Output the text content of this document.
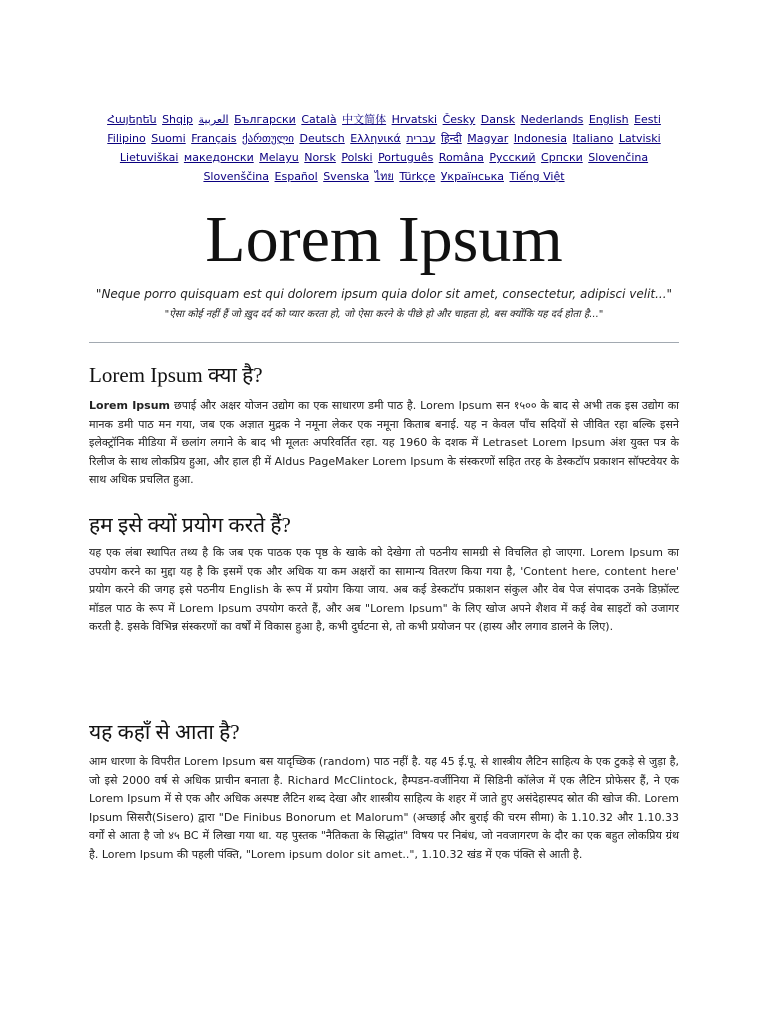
Հայերեն Shqip العربية Български Català 中文简体 Hrvatski Česky Dansk Nederlands English Eesti Filipino Suomi Français ქართული Deutsch Ελληνικά עברית हिन्दी Magyar Indonesia Italiano Latviski Lietuviškai македонски Melayu Norsk Polski Português Româna Русский Српски Slovenčina Slovenščina Español Svenska ไทย Türkçe Українська Tiếng Việt
Lorem Ipsum
"Neque porro quisquam est qui dolorem ipsum quia dolor sit amet, consectetur, adipisci velit..."
"ऐसा कोई नहीं हैं जो ख़ुद दर्द को प्यार करता हो, जो ऐसा करने के पीछे हो और चाहता हो, बस क्योंकि यह दर्द होता है..."
Lorem Ipsum क्या है?

Lorem Ipsum छपाई और अक्षर योजन उद्योग का एक साधारण डमी पाठ है. Lorem Ipsum सन १५०० के बाद से अभी तक इस उद्योग का मानक डमी पाठ मन गया, जब एक अज्ञात मुद्रक ने नमूना लेकर एक नमूना किताब बनाई. यह न केवल पाँच सदियों से जीवित रहा बल्कि इसने इलेक्ट्रॉनिक मीडिया में छलांग लगाने के बाद भी मूलतः अपरिवर्तित रहा. यह 1960 के दशक में Letraset Lorem Ipsum अंश युक्त पत्र के रिलीज के साथ लोकप्रिय हुआ, और हाल ही में Aldus PageMaker Lorem Ipsum के संस्करणों सहित तरह के डेस्कटॉप प्रकाशन सॉफ्टवेयर के साथ अधिक प्रचलित हुआ.

हम इसे क्यों प्रयोग करते हैं?

यह एक लंबा स्थापित तथ्य है कि जब एक पाठक एक पृष्ठ के खाके को देखेगा तो पठनीय सामग्री से विचलित हो जाएगा. Lorem Ipsum का उपयोग करने का मुद्दा यह है कि इसमें एक और अधिक या कम अक्षरों का सामान्य वितरण किया गया है, 'Content here, content here' प्रयोग करने की जगह इसे पठनीय English के रूप में प्रयोग किया जाय. अब कई डेस्कटॉप प्रकाशन संकुल और वेब पेज संपादक उनके डिफ़ॉल्ट मॉडल पाठ के रूप में Lorem Ipsum उपयोग करते हैं, और अब "Lorem Ipsum" के लिए खोज अपने शैशव में कई वेब साइटों को उजागर करती है. इसके विभिन्न संस्करणों का वर्षों में विकास हुआ है, कभी दुर्घटना से, तो कभी प्रयोजन पर (हास्य और लगाव डालने के लिए).

यह कहाँ से आता है?

आम धारणा के विपरीत Lorem Ipsum बस यादृच्छिक (random) पाठ नहीं है. यह 45 ई.पू. से शास्त्रीय लैटिन साहित्य के एक टुकड़े से जुड़ा है, जो इसे 2000 वर्ष से अधिक प्राचीन बनाता है. Richard McClintock, हैम्पडन-वर्जीनिया में सिडिनी कॉलेज में एक लैटिन प्रोफेसर हैं, ने एक Lorem Ipsum में से एक और अधिक अस्पष्ट लैटिन शब्द देखा और शास्त्रीय साहित्य के शहर में जाते हुए असंदेहास्पद स्रोत की खोज की. Lorem Ipsum सिसरौ(Sisero) द्वारा "De Finibus Bonorum et Malorum" (अच्छाई और बुराई की चरम सीमा) के 1.10.32 और 1.10.33 वर्गों से आता है जो ४५ BC में लिखा गया था. यह पुस्तक "नैतिकता के सिद्धांत" विषय पर निबंध, जो नवजागरण के दौर का एक बहुत लोकप्रिय ग्रंथ है. Lorem Ipsum की पहली पंक्ति, "Lorem ipsum dolor sit amet..", 1.10.32 खंड में एक पंक्ति से आती है.
